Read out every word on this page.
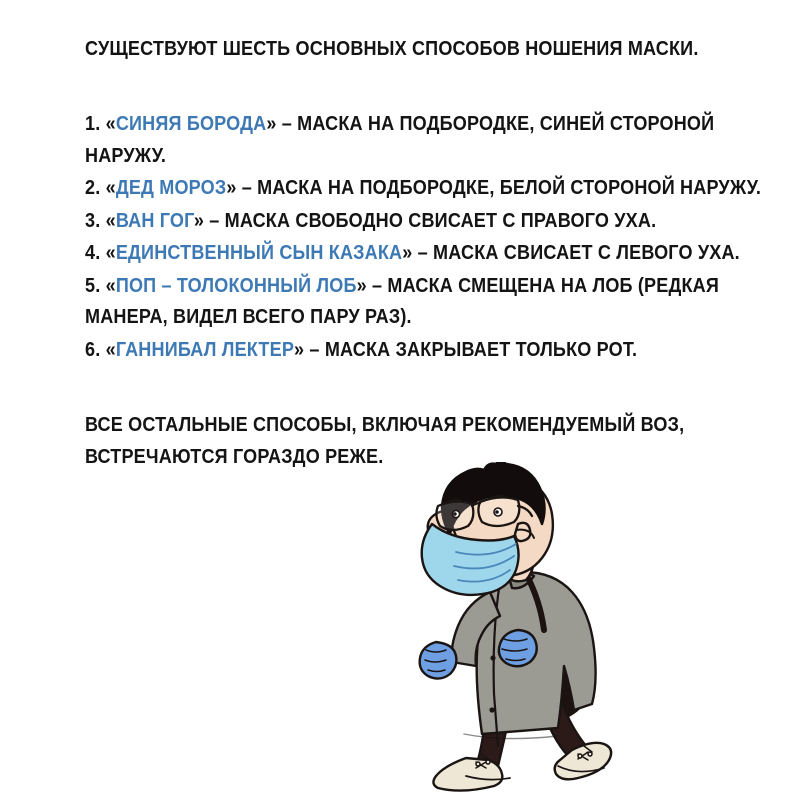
СУЩЕСТВУЮТ ШЕСТЬ ОСНОВНЫХ СПОСОБОВ НОШЕНИЯ МАСКИ.
1. «СИНЯЯ БОРОДА» – МАСКА НА ПОДБОРОДКЕ, СИНЕЙ СТОРОНОЙ НАРУЖУ.
2. «ДЕД МОРОЗ» – МАСКА НА ПОДБОРОДКЕ, БЕЛОЙ СТОРОНОЙ НАРУЖУ.
3. «ВАН ГОГ» – МАСКА СВОБОДНО СВИСАЕТ С ПРАВОГО УХА.
4. «ЕДИНСТВЕННЫЙ СЫН КАЗАКА» – МАСКА СВИСАЕТ С ЛЕВОГО УХА.
5. «ПОП – ТОЛОКОННЫЙ ЛОБ» – МАСКА СМЕЩЕНА НА ЛОБ (РЕДКАЯ МАНЕРА, ВИДЕЛ ВСЕГО ПАРУ РАЗ).
6. «ГАННИБАЛ ЛЕКТЕР» – МАСКА ЗАКРЫВАЕТ ТОЛЬКО РОТ.
ВСЕ ОСТАЛЬНЫЕ СПОСОБЫ, ВКЛЮЧАЯ РЕКОМЕНДУЕМЫЙ ВОЗ,
ВСТРЕЧАЮТСЯ ГОРАЗДО РЕЖЕ.
